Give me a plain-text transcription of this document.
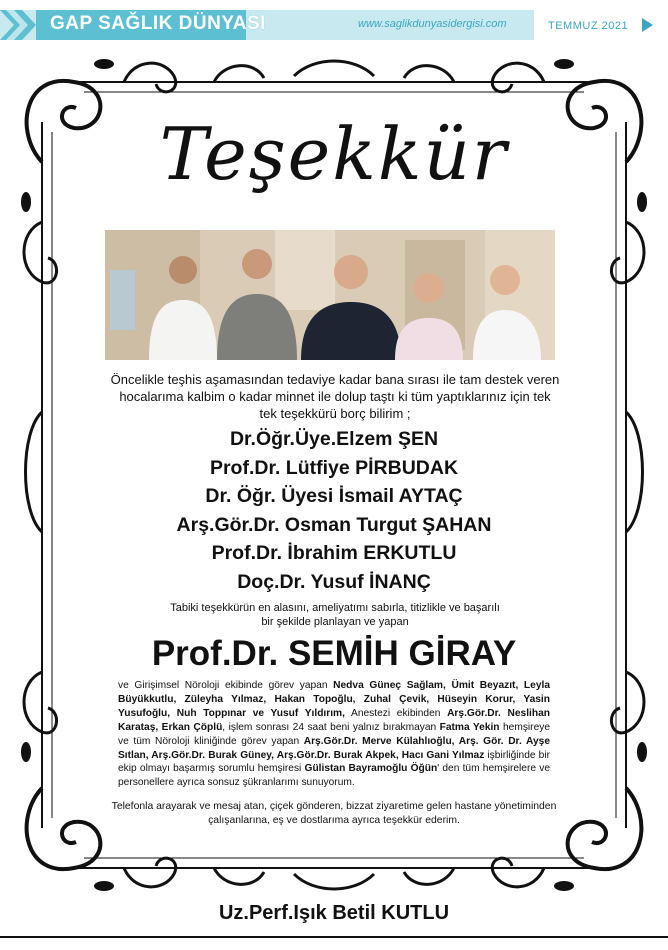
GAP SAĞLIK DÜNYASI	www.saglikdunyasidergisi.com	TEMMUZ 2021
Teşekkür
Öncelikle teşhis aşamasından tedaviye kadar bana sırası ile tam destek veren hocalarıma kalbim o kadar minnet ile dolup taştı ki tüm yaptıklarınız için tek tek teşekkürü borç bilirim ;
Dr.Öğr.Üye.Elzem ŞEN
Prof.Dr. Lütfiye PİRBUDAK
Dr. Öğr. Üyesi İsmail AYTAÇ
Arş.Gör.Dr. Osman Turgut ŞAHAN
Prof.Dr. İbrahim ERKUTLU
Doç.Dr. Yusuf İNANÇ
Tabiki teşekkürün en alasını, ameliyatımı sabırla, titizlikle ve başarılı
bir şekilde planlayan ve yapan
Prof.Dr. SEMİH GİRAY
ve Girişimsel Nöroloji ekibinde görev yapan Nedva Güneç Sağlam, Ümit Beyazıt, Leyla Büyükkutlu, Züleyha Yılmaz, Hakan Topoğlu, Zuhal Çevik, Hüseyin Korur, Yasin Yusufoğlu, Nuh Toppınar ve Yusuf Yıldırım, Anestezi ekibinden Arş.Gör.Dr. Neslihan Karataş, Erkan Çöplü, işlem sonrası 24 saat beni yalnız bırakmayan Fatma Yekin hemşireye ve tüm Nöroloji kliniğinde görev yapan Arş.Gör.Dr. Merve Külahlıoğlu, Arş. Gör. Dr. Ayşe Sıtlan, Arş.Gör.Dr. Burak Güney, Arş.Gör.Dr. Burak Akpek, Hacı Gani Yılmaz işbirliğinde bir ekip olmayı başarmış sorumlu hemşiresi Gülistan Bayramoğlu Öğün' den tüm hemşirelere ve personellere ayrıca sonsuz şükranlarımı sunuyorum.
Telefonla arayarak ve mesaj atan, çiçek gönderen, bizzat ziyaretime gelen hastane yönetiminden çalışanlarına, eş ve dostlarıma ayrıca teşekkür ederim.
Uz.Perf.Işık Betil KUTLU
